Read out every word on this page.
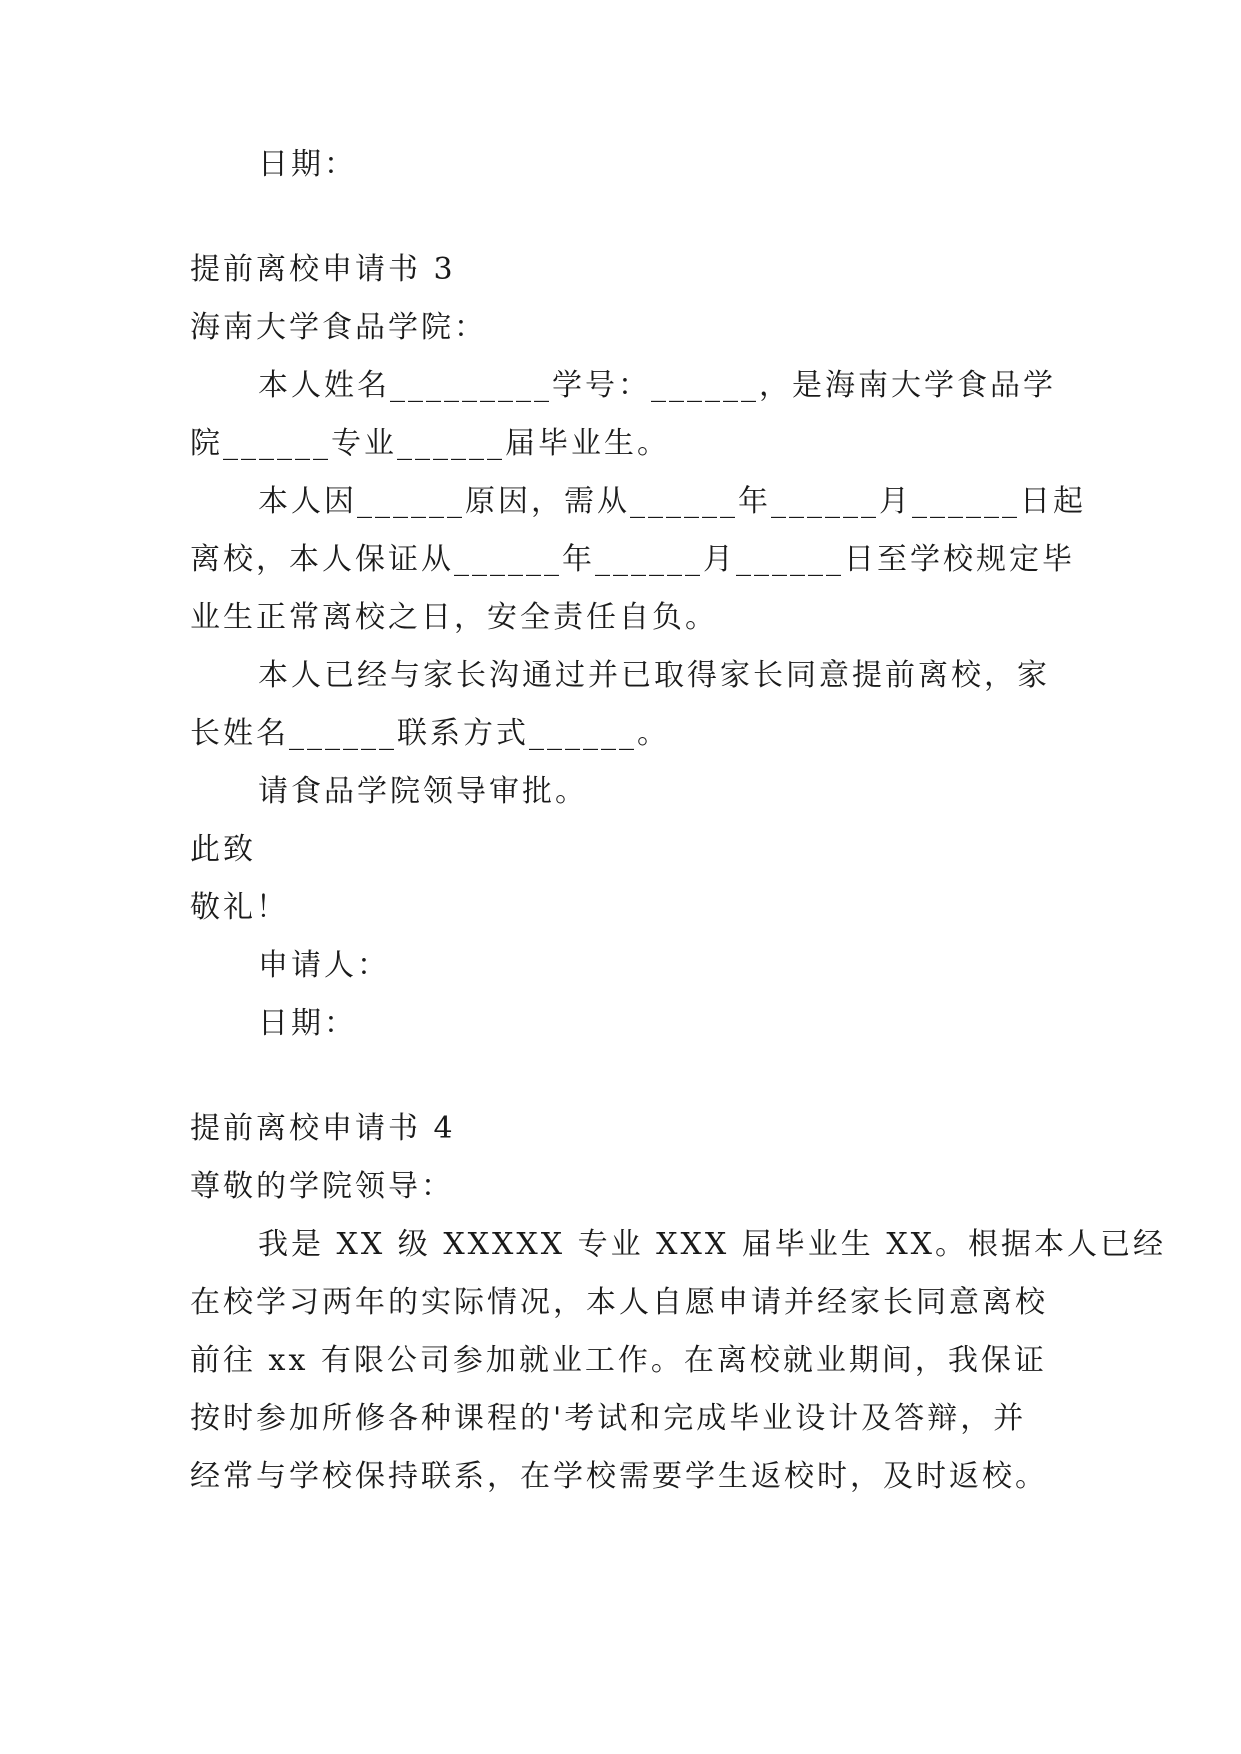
日期：
提前离校申请书 3
海南大学食品学院：
本人姓名_________学号：______，是海南大学食品学
院______专业______届毕业生。
本人因______原因，需从______年______月______日起
离校，本人保证从______年______月______日至学校规定毕
业生正常离校之日，安全责任自负。
本人已经与家长沟通过并已取得家长同意提前离校，家
长姓名______联系方式______。
请食品学院领导审批。
此致
敬礼！
申请人：
日期：
提前离校申请书 4
尊敬的学院领导：
我是 XX 级 XXXXX 专业 XXX 届毕业生 XX。根据本人已经
在校学习两年的实际情况，本人自愿申请并经家长同意离校
前往 xx 有限公司参加就业工作。在离校就业期间，我保证
按时参加所修各种课程的'考试和完成毕业设计及答辩，并
经常与学校保持联系，在学校需要学生返校时，及时返校。
